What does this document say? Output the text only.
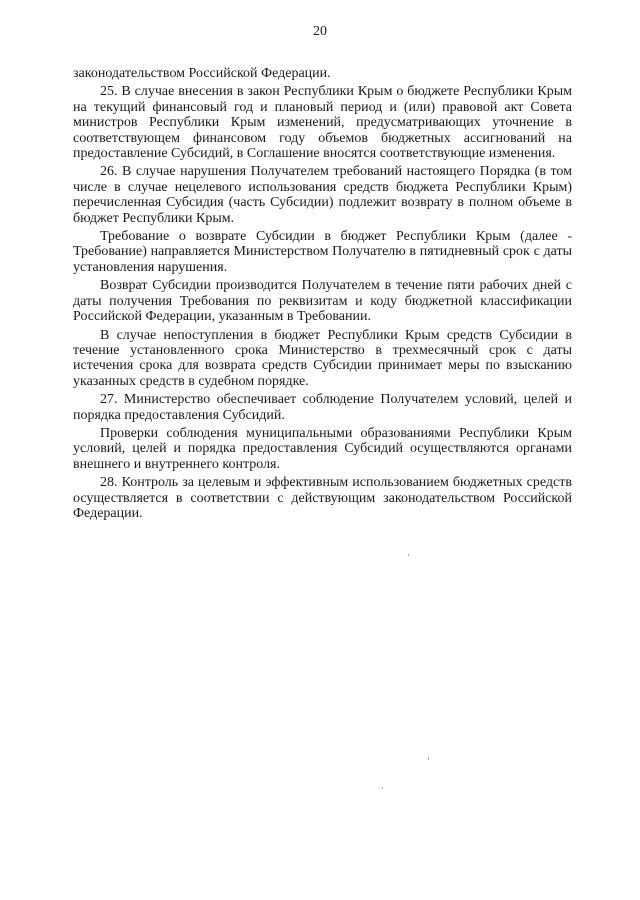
20

законодательством Российской Федерации.

25. В случае внесения в закон Республики Крым о бюджете Республики Крым на текущий финансовый год и плановый период и (или) правовой акт Совета министров Республики Крым изменений, предусматривающих уточнение в соответствующем финансовом году объемов бюджетных ассигнований на предоставление Субсидий, в Соглашение вносятся соответствующие изменения.

26. В случае нарушения Получателем требований настоящего Порядка (в том числе в случае нецелевого использования средств бюджета Республики Крым) перечисленная Субсидия (часть Субсидии) подлежит возврату в полном объеме в бюджет Республики Крым.

Требование о возврате Субсидии в бюджет Республики Крым (далее - Требование) направляется Министерством Получателю в пятидневный срок с даты установления нарушения.

Возврат Субсидии производится Получателем в течение пяти рабочих дней с даты получения Требования по реквизитам и коду бюджетной классификации Российской Федерации, указанным в Требовании.

В случае непоступления в бюджет Республики Крым средств Субсидии в течение установленного срока Министерство в трехмесячный срок с даты истечения срока для возврата средств Субсидии принимает меры по взысканию указанных средств в судебном порядке.

27. Министерство обеспечивает соблюдение Получателем условий, целей и порядка предоставления Субсидий.

Проверки соблюдения муниципальными образованиями Республики Крым условий, целей и порядка предоставления Субсидий осуществляются органами внешнего и внутреннего контроля.

28. Контроль за целевым и эффективным использованием бюджетных средств осуществляется в соответствии с действующим законодательством Российской Федерации.
